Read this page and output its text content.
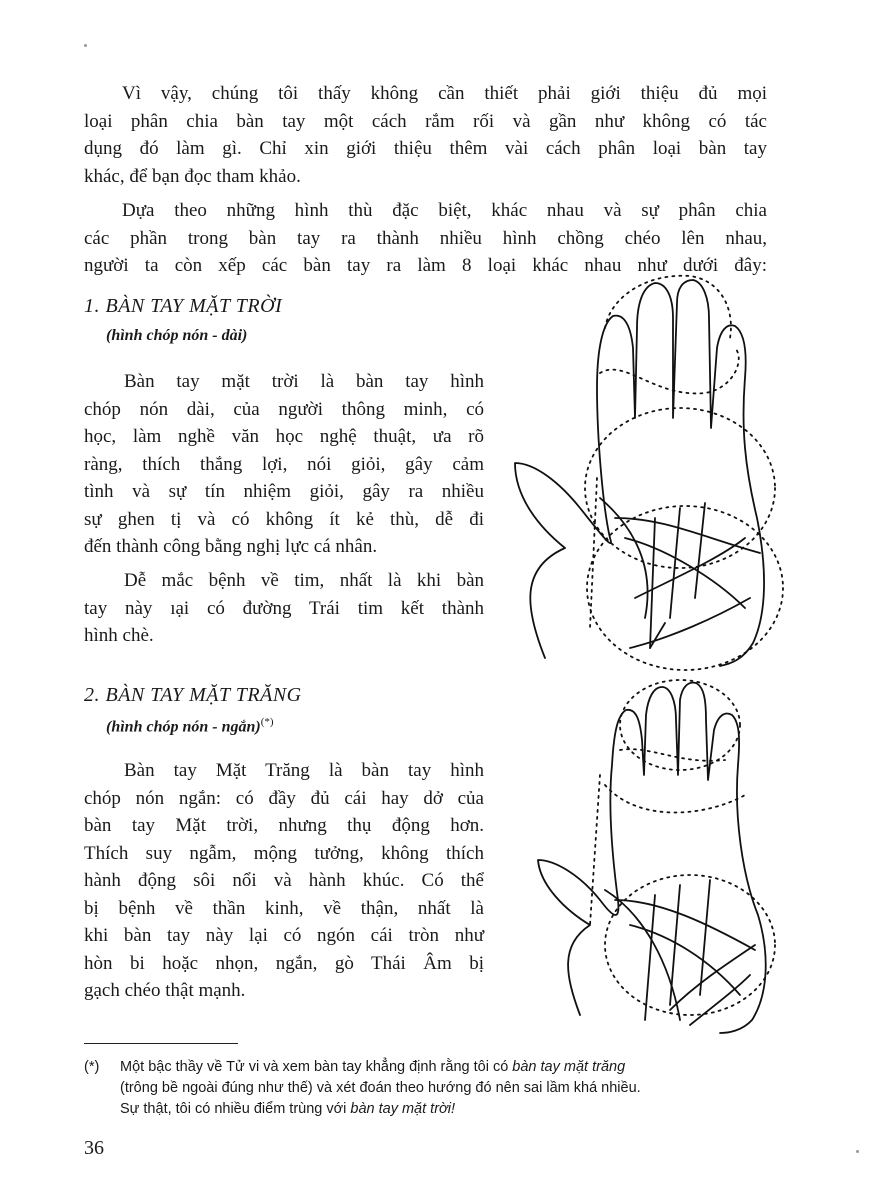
Vì vậy, chúng tôi thấy không cần thiết phải giới thiệu đủ mọi
loại phân chia bàn tay một cách rắm rối và gần như không có tác
dụng đó làm gì. Chỉ xin giới thiệu thêm vài cách phân loại bàn tay
khác, để bạn đọc tham khảo.
Dựa theo những hình thù đặc biệt, khác nhau và sự phân chia
các phần trong bàn tay ra thành nhiều hình chồng chéo lên nhau,
người ta còn xếp các bàn tay ra làm 8 loại khác nhau như dưới đây:
1. BÀN TAY MẶT TRỜI
(hình chóp nón - dài)
Bàn tay mặt trời là bàn tay hình
chóp nón dài, của người thông minh, có
học, làm nghề văn học nghệ thuật, ưa rõ
ràng, thích thắng lợi, nói giỏi, gây cảm
tình và sự tín nhiệm giỏi, gây ra nhiều
sự ghen tị và có không ít kẻ thù, dễ đi
đến thành công bằng nghị lực cá nhân.
Dễ mắc bệnh về tim, nhất là khi bàn
tay này ıại có đường Trái tim kết thành
hình chè.
2. BÀN TAY MẶT TRĂNG
(hình chóp nón - ngắn)(*)
Bàn tay Mặt Trăng là bàn tay hình
chóp nón ngắn: có đầy đủ cái hay dở của
bàn tay Mặt trời, nhưng thụ động hơn.
Thích suy ngẫm, mộng tưởng, không thích
hành động sôi nổi và hành khúc. Có thể
bị bệnh về thần kinh, về thận, nhất là
khi bàn tay này lại có ngón cái tròn như
hòn bi hoặc nhọn, ngắn, gò Thái Âm bị
gạch chéo thật mạnh.
(*) Một bậc thầy về Tử vi và xem bàn tay khẳng định rằng tôi có bàn tay mặt trăng
(trông bề ngoài đúng như thế) và xét đoán theo hướng đó nên sai lầm khá nhiều.
Sự thật, tôi có nhiều điểm trùng với bàn tay mặt trời!
36
